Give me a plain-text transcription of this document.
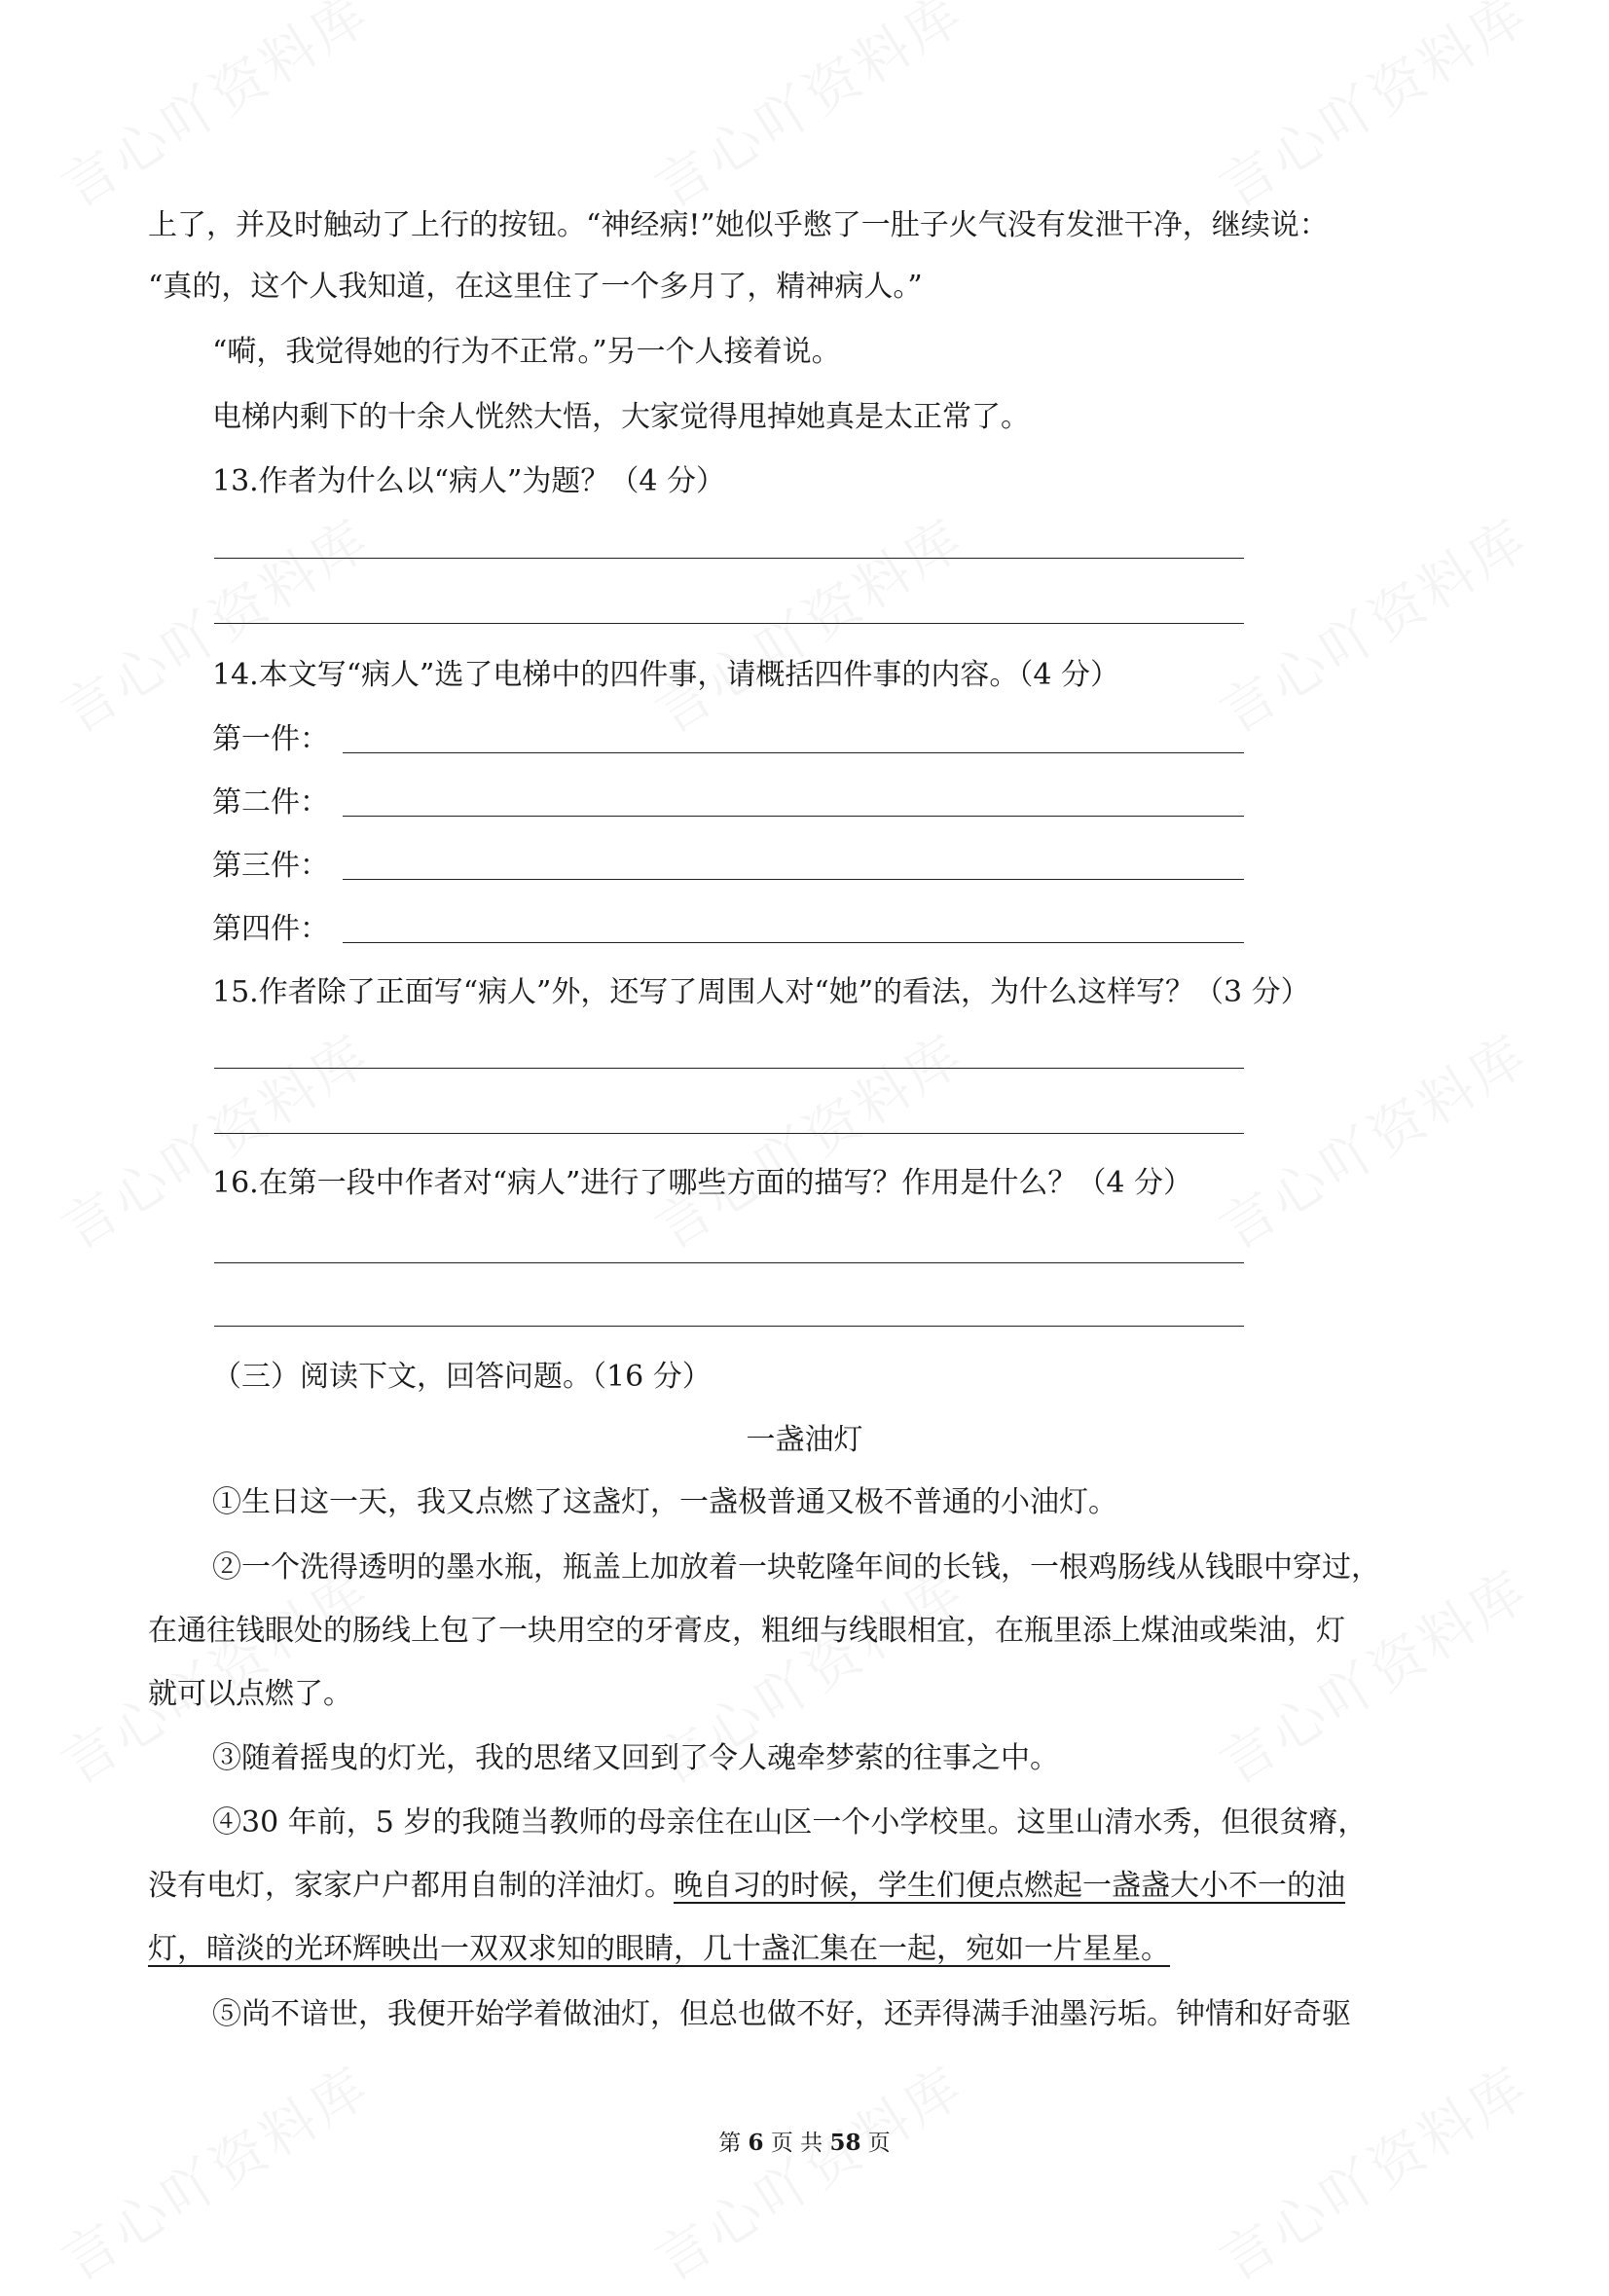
上了，并及时触动了上行的按钮。“神经病!”她似乎憋了一肚子火气没有发泄干净，继续说：
“真的，这个人我知道，在这里住了一个多月了，精神病人。”
“嗬，我觉得她的行为不正常。”另一个人接着说。
电梯内剩下的十余人恍然大悟，大家觉得甩掉她真是太正常了。
13.作者为什么以“病人”为题？（4 分）
14.本文写“病人”选了电梯中的四件事，请概括四件事的内容。（4 分）
第一件：
第二件：
第三件：
第四件：
15.作者除了正面写“病人”外，还写了周围人对“她”的看法，为什么这样写？（3 分）
16.在第一段中作者对“病人”进行了哪些方面的描写？作用是什么？（4 分）
（三）阅读下文，回答问题。（16 分）
一盏油灯
①生日这一天，我又点燃了这盏灯，一盏极普通又极不普通的小油灯。
②一个洗得透明的墨水瓶，瓶盖上加放着一块乾隆年间的长钱，一根鸡肠线从钱眼中穿过，
在通往钱眼处的肠线上包了一块用空的牙膏皮，粗细与线眼相宜，在瓶里添上煤油或柴油，灯
就可以点燃了。
③随着摇曳的灯光，我的思绪又回到了令人魂牵梦萦的往事之中。
④30 年前，5 岁的我随当教师的母亲住在山区一个小学校里。这里山清水秀，但很贫瘠，
没有电灯，家家户户都用自制的洋油灯。晚自习的时候，学生们便点燃起一盏盏大小不一的油
灯，暗淡的光环辉映出一双双求知的眼睛，几十盏汇集在一起，宛如一片星星。
⑤尚不谙世，我便开始学着做油灯，但总也做不好，还弄得满手油墨污垢。钟情和好奇驱
第 6 页 共 58 页
